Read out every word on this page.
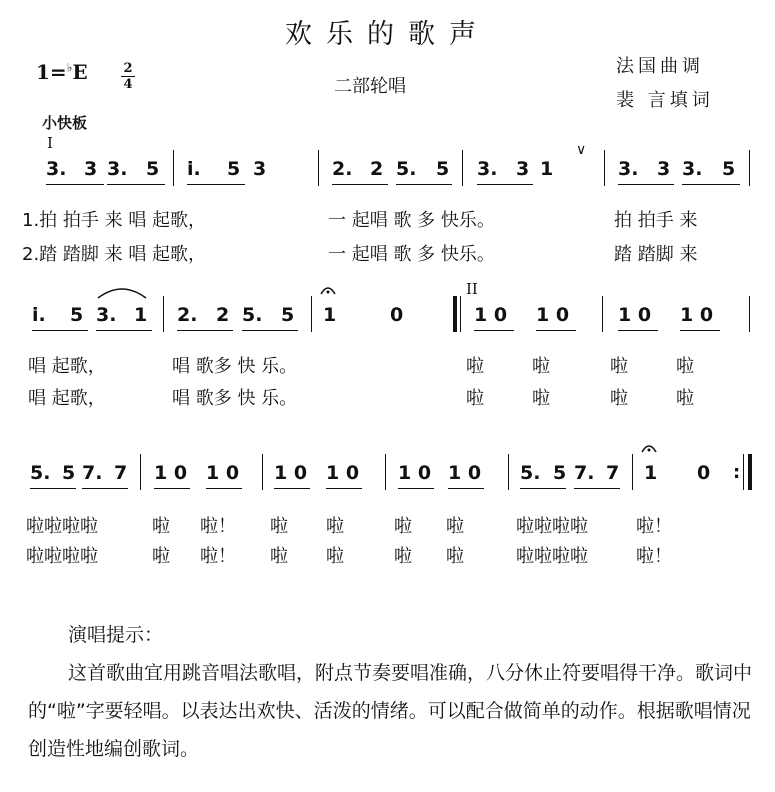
欢乐的歌声
1=♭E	2
4	二部轮唱
法国曲调
裴 言填词
小快板
I
II
∨
3. 3 3. 5 i. 5 3	2. 2 5. 5 3. 3 1	3. 3 3. 5
1.拍 拍手 来 唱 起歌，	一 起唱 歌 多 快乐。	拍 拍手 来
2.踏 踏脚 来 唱 起歌，	一 起唱 歌 多 快乐。	踏 踏脚 来
i. 5 3. 1 2. 2 5. 5 1	0	1 0 1 0	1 0 1 0
唱 起歌，	唱 歌多 快 乐。	啦	啦	啦	啦
唱 起歌，	唱 歌多 快 乐。	啦	啦	啦	啦
5. 5 7. 7 1 0 1 0 1 0 1 0 1 0 1 0 5. 5 7. 7 1 0 :
啦啦啦啦	啦 啦！ 啦 啦	啦 啦	啦啦啦啦	啦！
啦啦啦啦	啦 啦！ 啦 啦	啦 啦	啦啦啦啦	啦！
演唱提示：

这首歌曲宜用跳音唱法歌唱，附点节奏要唱准确，八分休止符要唱得干净。歌词中的“啦”字要轻唱。以表达出欢快、活泼的情绪。可以配合做简单的动作。根据歌唱情况创造性地编创歌词。
